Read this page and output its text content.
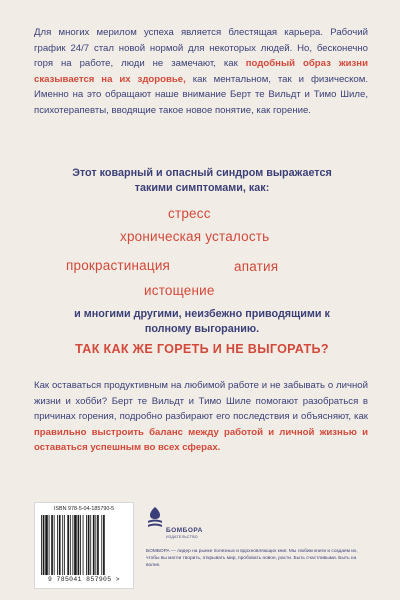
Для многих мерилом успеха является блестящая карьера. Рабочий график 24/7 стал новой нормой для некоторых людей. Но, бесконечно горя на работе, люди не замечают, как подобный образ жизни сказывается на их здоровье, как ментальном, так и физическом. Именно на это обращают наше внимание Берт те Вильдт и Тимо Шиле, психотерапевты, вводящие такое новое понятие, как горение.

Этот коварный и опасный синдром выражается такими симптомами, как:
стресс
хроническая усталость
прокрастинация	апатия
истощение
и многими другими, неизбежно приводящими к полному выгоранию.
ТАК КАК ЖЕ ГОРЕТЬ И НЕ ВЫГОРАТЬ?

Как оставаться продуктивным на любимой работе и не забывать о личной жизни и хобби? Берт те Вильдт и Тимо Шиле помогают разобраться в причинах горения, подробно разбирают его последствия и объясняют, как правильно выстроить баланс между работой и личной жизнью и оставаться успешным во всех сферах.

ISBN 978-5-04-185790-5
9 785041 857905 >
БОМБОРА
ИЗДАТЕЛЬСТВО
БОМБОРА — лидер на рынке полезных и вдохновляющих книг. Мы любим книги и создаем их, чтобы вы могли творить, открывать мир, пробовать новое, расти. Быть счастливыми. Быть на волне.
